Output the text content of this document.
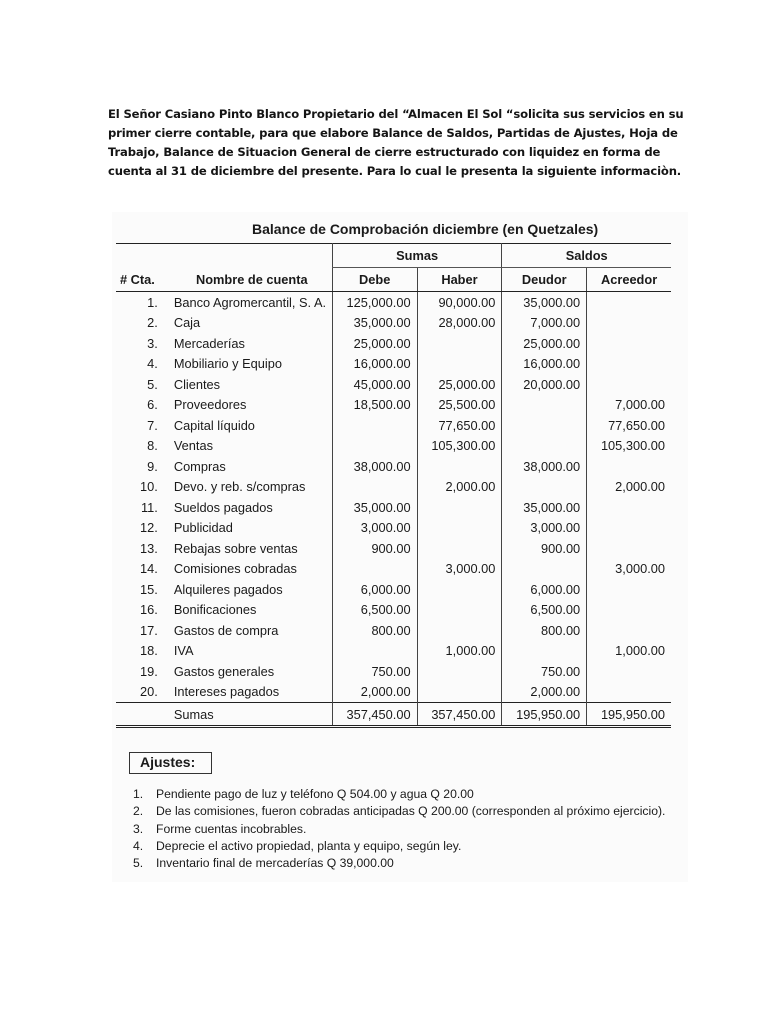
El Señor Casiano Pinto Blanco Propietario del “Almacen El Sol “solicita sus servicios en su primer cierre contable, para que elabore Balance de Saldos, Partidas de Ajustes, Hoja de Trabajo, Balance de Situacion General de cierre estructurado con liquidez en forma de cuenta al 31 de diciembre del presente. Para lo cual le presenta la siguiente informaciòn.

Balance de Comprobación diciembre (en Quetzales)
		Sumas		Saldos	
# Cta.	Nombre de cuenta	Debe	Haber	Deudor	Acreedor
1.	Banco Agromercantil, S. A.	125,000.00	90,000.00	35,000.00	
2.	Caja	35,000.00	28,000.00	7,000.00	
3.	Mercaderías	25,000.00		25,000.00	
4.	Mobiliario y Equipo	16,000.00		16,000.00	
5.	Clientes	45,000.00	25,000.00	20,000.00	
6.	Proveedores	18,500.00	25,500.00		7,000.00
7.	Capital líquido		77,650.00		77,650.00
8.	Ventas		105,300.00		105,300.00
9.	Compras	38,000.00		38,000.00	
10.	Devo. y reb. s/compras		2,000.00		2,000.00
11.	Sueldos pagados	35,000.00		35,000.00	
12.	Publicidad	3,000.00		3,000.00	
13.	Rebajas sobre ventas	900.00		900.00	
14.	Comisiones cobradas		3,000.00		3,000.00
15.	Alquileres pagados	6,000.00		6,000.00	
16.	Bonificaciones	6,500.00		6,500.00	
17.	Gastos de compra	800.00		800.00	
18.	IVA		1,000.00		1,000.00
19.	Gastos generales	750.00		750.00	
20.	Intereses pagados	2,000.00		2,000.00	
	Sumas	357,450.00	357,450.00	195,950.00	195,950.00
Ajustes:
1. Pendiente pago de luz y teléfono Q 504.00 y agua Q 20.00
2. De las comisiones, fueron cobradas anticipadas Q 200.00 (corresponden al próximo ejercicio).
3. Forme cuentas incobrables.
4. Deprecie el activo propiedad, planta y equipo, según ley.
5. Inventario final de mercaderías Q 39,000.00
